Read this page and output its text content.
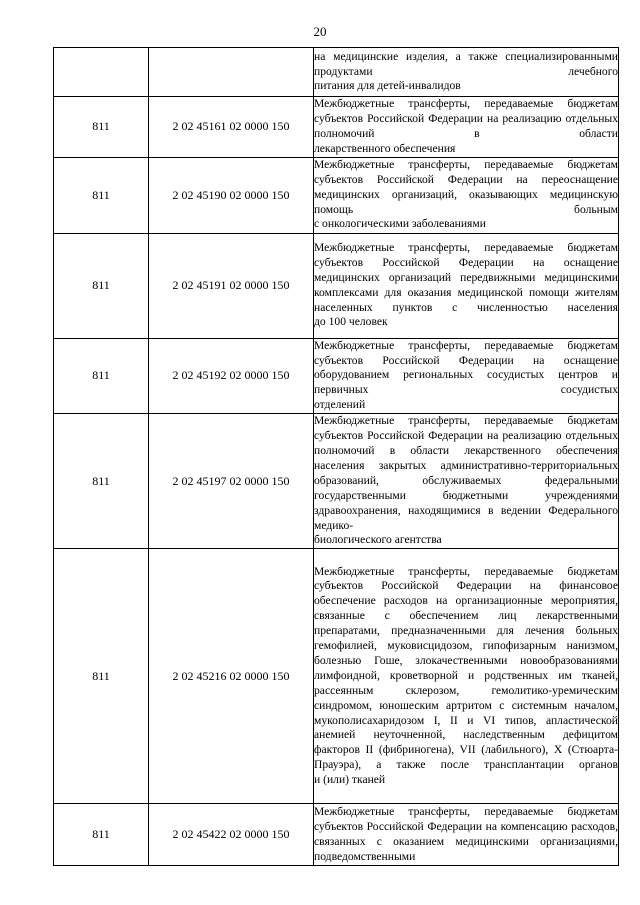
20
		на медицинские изделия, а также специализированными продуктами лечебного
питания для детей-инвалидов

811	2 02 45161 02 0000 150	Межбюджетные трансферты, передаваемые бюджетам субъектов Российской Федерации на реализацию отдельных полномочий в области
лекарственного обеспечения

811	2 02 45190 02 0000 150	Межбюджетные трансферты, передаваемые бюджетам субъектов Российской Федерации на переоснащение медицинских организаций, оказывающих медицинскую помощь больным
с онкологическими заболеваниями

811	2 02 45191 02 0000 150	Межбюджетные трансферты, передаваемые бюджетам субъектов Российской Федерации на оснащение медицинских организаций передвижными медицинскими комплексами для оказания медицинской помощи жителям населенных пунктов с численностью населения
до 100 человек

811	2 02 45192 02 0000 150	Межбюджетные трансферты, передаваемые бюджетам субъектов Российской Федерации на оснащение оборудованием региональных сосудистых центров и первичных сосудистых
отделений

811	2 02 45197 02 0000 150	Межбюджетные трансферты, передаваемые бюджетам субъектов Российской Федерации на реализацию отдельных полномочий в области лекарственного обеспечения населения закрытых административно-территориальных образований, обслуживаемых федеральными государственными бюджетными учреждениями здравоохранения, находящимися в ведении Федерального медико-
биологического агентства

811	2 02 45216 02 0000 150	Межбюджетные трансферты, передаваемые бюджетам субъектов Российской Федерации на финансовое обеспечение расходов на организационные мероприятия, связанные с обеспечением лиц лекарственными препаратами, предназначенными для лечения больных гемофилией, муковисцидозом, гипофизарным нанизмом, болезнью Гоше, злокачественными новообразованиями лимфоидной, кроветворной и родственных им тканей, рассеянным склерозом, гемолитико-уремическим синдромом, юношеским артритом с системным началом, мукополисахаридозом I, II и VI типов, апластической анемией неуточненной, наследственным дефицитом факторов II (фибриногена), VII (лабильного), X (Стюарта-Прауэра), а также после трансплантации органов
и (или) тканей

811	2 02 45422 02 0000 150	Межбюджетные трансферты, передаваемые бюджетам субъектов Российской Федерации на компенсацию расходов, связанных с оказанием медицинскими организациями, подведомственными
